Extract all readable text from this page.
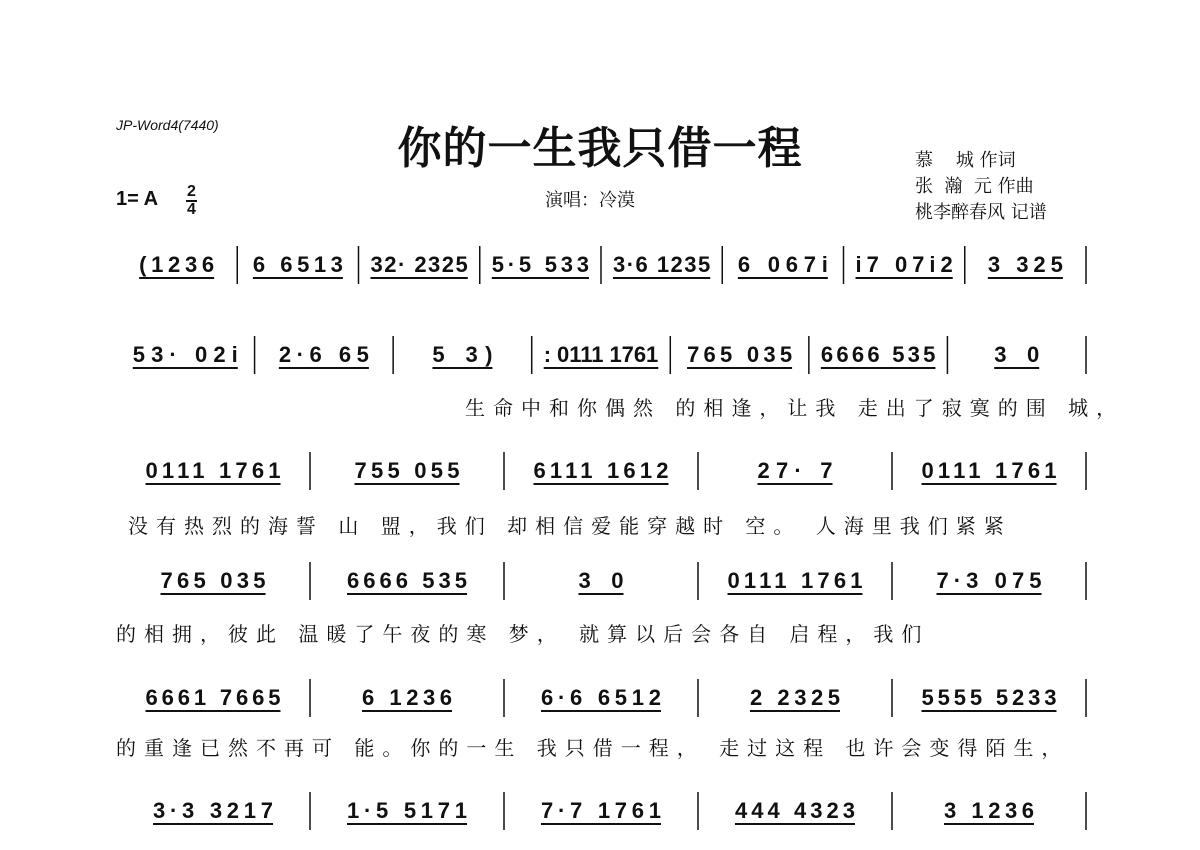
JP-Word4(7440)	你的一生我只借一程	慕    城 作词
张  瀚  元 作曲
桃李醉春风 记谱
1= A 2
4	演唱：冷漠
(1236 6 6513 32· 2325 5·5 533 3·6 1235 6 067i i7 07i2 3 325
53· 02i 2·6 65	5 3) : 0111 1761 765 035 6666 535	3 0
0111 1761	755 055	6111 1612	27· 7	0111 1761
765 035	6666 535	3 0	0111 1761	7·3 075
6661 7665	6 1236	6·6 6512	2 2325	5555 5233
3·3 3217	1·5 5171	7·7 1761	444 4323	3 1236
生命中和你偶然 的相逢，让我 走出了寂寞的围 城，
没有热烈的海誓 山 盟，我们 却相信爱能穿越时 空。 人海里我们紧紧
的相拥，彼此 温暖了午夜的寒 梦， 就算以后会各自 启程，我们
的重逢已然不再可 能。你的一生 我只借一程， 走过这程 也许会变得陌生，
